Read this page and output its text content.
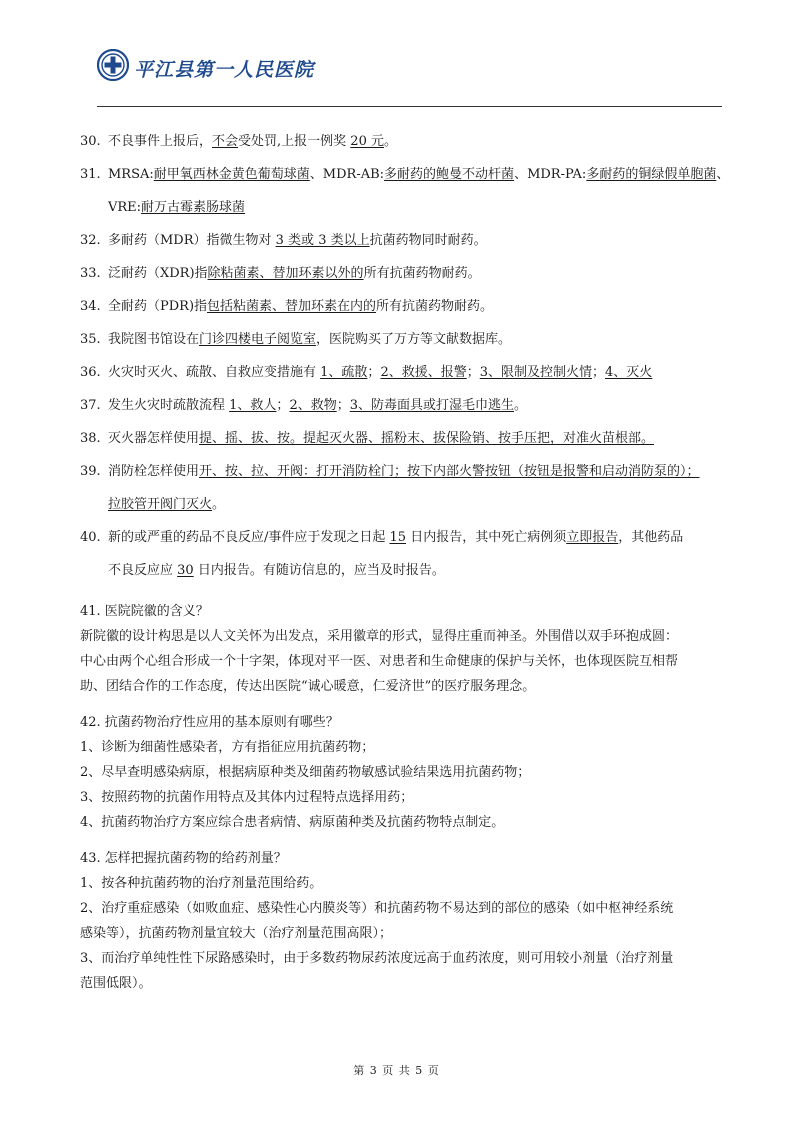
平江县第一人民医院
30. 不良事件上报后，不会受处罚,上报一例奖 20 元。
31. MRSA:耐甲氧西林金黄色葡萄球菌、MDR-AB:多耐药的鲍曼不动杆菌、MDR-PA:多耐药的铜绿假单胞菌、
VRE:耐万古霉素肠球菌
32. 多耐药（MDR）指微生物对 3 类或 3 类以上抗菌药物同时耐药。
33. 泛耐药（XDR)指除粘菌素、替加环素以外的所有抗菌药物耐药。
34. 全耐药（PDR)指包括粘菌素、替加环素在内的所有抗菌药物耐药。
35. 我院图书馆设在门诊四楼电子阅览室，医院购买了万方等文献数据库。
36. 火灾时灭火、疏散、自救应变措施有 1、疏散；2、救援、报警；3、限制及控制火情；4、灭火
37. 发生火灾时疏散流程 1、救人；2、救物；3、防毒面具或打湿毛巾逃生。
38. 灭火器怎样使用提、摇、拔、按。提起灭火器、摇粉末、拔保险销、按手压把，对准火苗根部。
39. 消防栓怎样使用开、按、拉、开阀：打开消防栓门；按下内部火警按钮（按钮是报警和启动消防泵的）；
拉胶管开阀门灭火。
40. 新的或严重的药品不良反应/事件应于发现之日起 15 日内报告，其中死亡病例须立即报告，其他药品
不良反应应 30 日内报告。有随访信息的，应当及时报告。

41. 医院院徽的含义？

新院徽的设计构思是以人文关怀为出发点，采用徽章的形式，显得庄重而神圣。外围借以双手环抱成圆：

中心由两个心组合形成一个十字架，体现对平一医、对患者和生命健康的保护与关怀，也体现医院互相帮

助、团结合作的工作态度，传达出医院“诚心暖意，仁爱济世”的医疗服务理念。

42. 抗菌药物治疗性应用的基本原则有哪些？

1、诊断为细菌性感染者，方有指征应用抗菌药物；

2、尽早查明感染病原，根据病原种类及细菌药物敏感试验结果选用抗菌药物；

3、按照药物的抗菌作用特点及其体内过程特点选择用药；

4、抗菌药物治疗方案应综合患者病情、病原菌种类及抗菌药物特点制定。

43. 怎样把握抗菌药物的给药剂量？

1、按各种抗菌药物的治疗剂量范围给药。

2、治疗重症感染（如败血症、感染性心内膜炎等）和抗菌药物不易达到的部位的感染（如中枢神经系统

感染等），抗菌药物剂量宜较大（治疗剂量范围高限）；

3、而治疗单纯性性下尿路感染时，由于多数药物尿药浓度远高于血药浓度，则可用较小剂量（治疗剂量

范围低限）。

第 3 页 共 5 页
